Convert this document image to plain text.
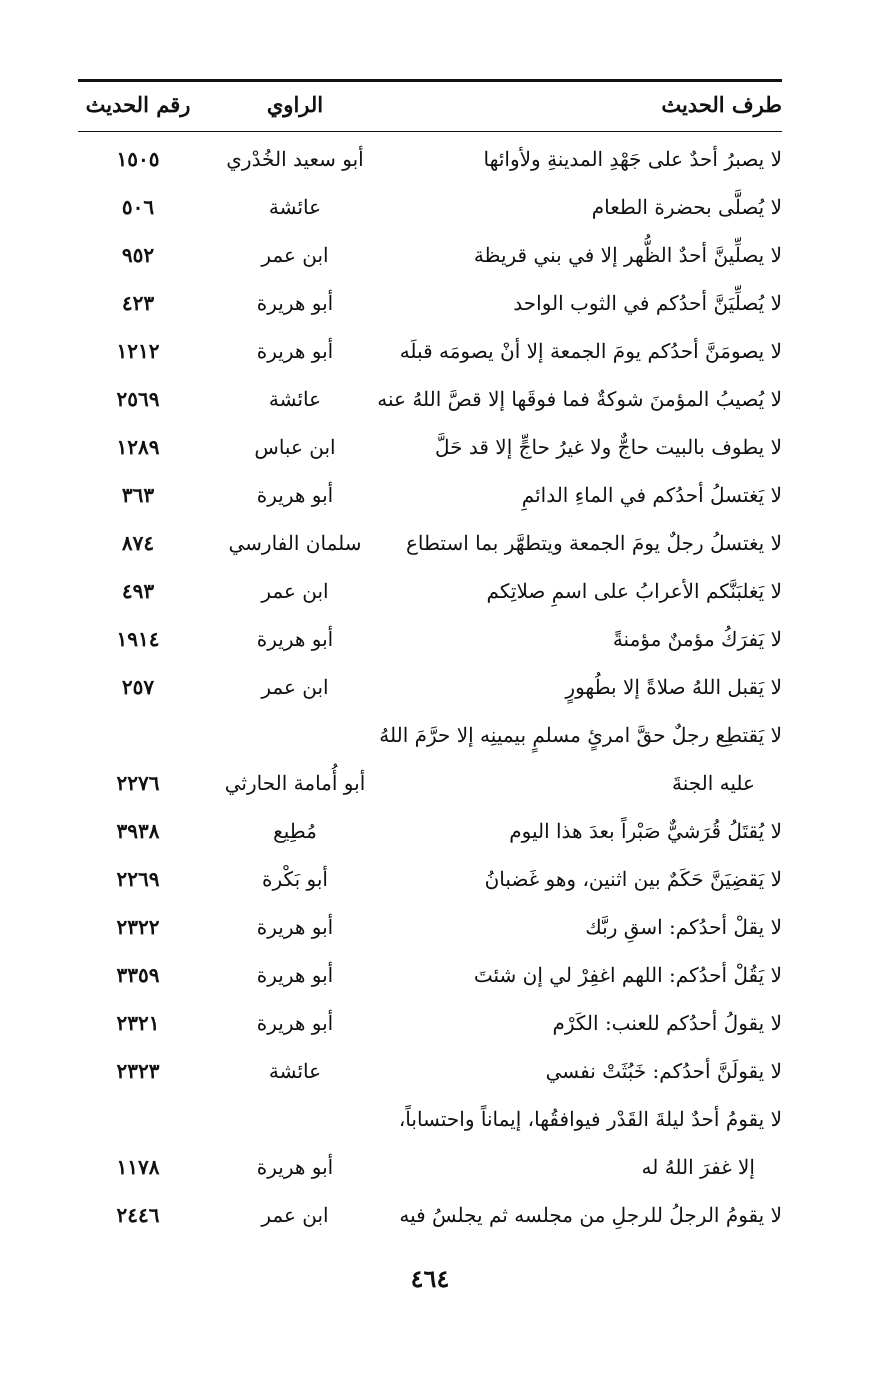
طرف الحديث
الراوي
رقم الحديث
لا يصبرُ أحدٌ على جَهْدِ المدينةِ ولأوائها
أبو سعيد الخُدْري
١٥٠٥
لا يُصلَّى بحضرة الطعام
عائشة
٥٠٦
لا يصلِّينَّ أحدٌ الظُّهر إلا في بني قريظة
ابن عمر
٩٥٢
لا يُصلِّيَنَّ أحدُكم في الثوب الواحد
أبو هريرة
٤٢٣
لا يصومَنَّ أحدُكم يومَ الجمعة إلا أنْ يصومَه قبلَه
أبو هريرة
١٢١٢
لا يُصيبُ المؤمنَ شوكةٌ فما فوقَها إلا قصَّ اللهُ عنه
عائشة
٢٥٦٩
لا يطوف بالبيت حاجٌّ ولا غيرُ حاجٍّ إلا قد حَلَّ
ابن عباس
١٢٨٩
لا يَغتسلُ أحدُكم في الماءِ الدائمِ
أبو هريرة
٣٦٣
لا يغتسلُ رجلٌ يومَ الجمعة ويتطهَّر بما استطاع
سلمان الفارسي
٨٧٤
لا يَغلبَنَّكم الأعرابُ على اسمِ صلاتِكم
ابن عمر
٤٩٣
لا يَفرَكُ مؤمنٌ مؤمنةً
أبو هريرة
١٩١٤
لا يَقبل اللهُ صلاةً إلا بطُهورٍ
ابن عمر
٢٥٧
لا يَقتطِع رجلٌ حقَّ امرئٍ مسلمٍ بيمينِه إلا حرَّمَ اللهُ
عليه الجنةَ
أبو أُمامة الحارثي
٢٢٧٦
لا يُقتَلُ قُرَشيٌّ صَبْراً بعدَ هذا اليوم
مُطِيع
٣٩٣٨
لا يَقضِيَنَّ حَكَمٌ بين اثنين، وهو غَضبانُ
أبو بَكْرة
٢٢٦٩
لا يقلْ أحدُكم: اسقِ ربَّك
أبو هريرة
٢٣٢٢
لا يَقُلْ أحدُكم: اللهم اغفِرْ لي إن شئتَ
أبو هريرة
٣٣٥٩
لا يقولُ أحدُكم للعنب: الكَرْم
أبو هريرة
٢٣٢١
لا يقولَنَّ أحدُكم: خَبُثَتْ نفسي
عائشة
٢٣٢٣
لا يقومُ أحدٌ ليلةَ القَدْر فيوافقُها، إيماناً واحتساباً،
إلا غفرَ اللهُ له
أبو هريرة
١١٧٨
لا يقومُ الرجلُ للرجلِ من مجلسه ثم يجلسُ فيه
ابن عمر
٢٤٤٦
٤٦٤
